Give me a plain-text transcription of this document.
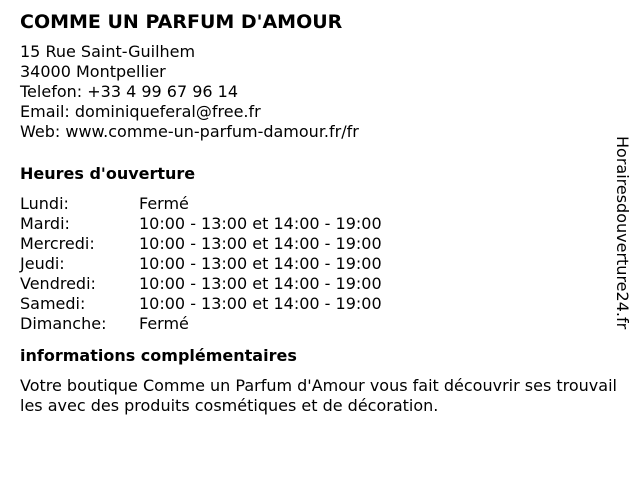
COMME UN PARFUM D'AMOUR
15 Rue Saint-Guilhem
34000 Montpellier
Telefon: +33 4 99 67 96 14
Email: dominiqueferal@free.fr
Web: www.comme-un-parfum-damour.fr/fr
Heures d'ouverture
Lundi:	Fermé
Mardi:	10:00 - 13:00 et 14:00 - 19:00
Mercredi:	10:00 - 13:00 et 14:00 - 19:00
Jeudi:	10:00 - 13:00 et 14:00 - 19:00
Vendredi:	10:00 - 13:00 et 14:00 - 19:00
Samedi:	10:00 - 13:00 et 14:00 - 19:00
Dimanche:	Fermé
informations complémentaires
Votre boutique Comme un Parfum d'Amour vous fait découvrir ses trouvailles avec des produits cosmétiques et de décoration.
Horairesdouverture24.fr
